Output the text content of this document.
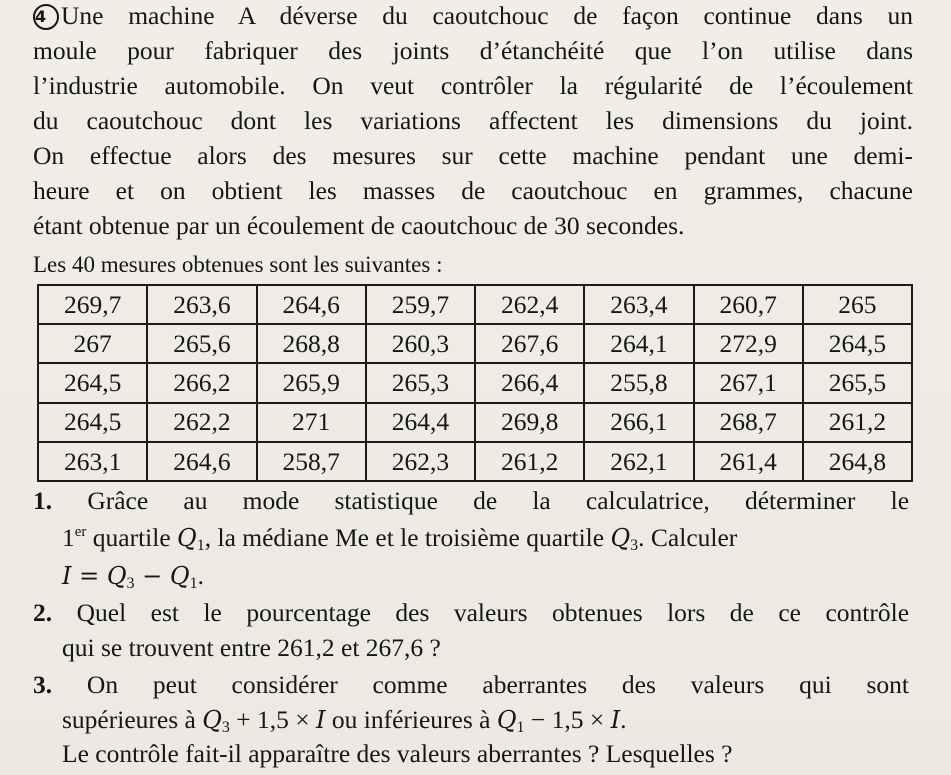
4 Une machine A déverse du caoutchouc de façon continue dans un
moule pour fabriquer des joints d’étanchéité que l’on utilise dans
l’industrie automobile. On veut contrôler la régularité de l’écoulement
du caoutchouc dont les variations affectent les dimensions du joint.
On effectue alors des mesures sur cette machine pendant une demi-
heure et on obtient les masses de caoutchouc en grammes, chacune
étant obtenue par un écoulement de caoutchouc de 30 secondes.
Les 40 mesures obtenues sont les suivantes :
269,7	263,6	264,6	259,7	262,4	263,4	260,7	265
267	265,6	268,8	260,3	267,6	264,1	272,9	264,5
264,5	266,2	265,9	265,3	266,4	255,8	267,1	265,5
264,5	262,2	271	264,4	269,8	266,1	268,7	261,2
263,1	264,6	258,7	262,3	261,2	262,1	261,4	264,8
1. Grâce au mode statistique de la calculatrice, déterminer le
1er quartile $Q_1$, la médiane Me et le troisième quartile $Q_3$. Calculer
$I = Q_3 - Q_1$.
2. Quel est le pourcentage des valeurs obtenues lors de ce contrôle
qui se trouvent entre 261,2 et 267,6 ?
3. On peut considérer comme aberrantes des valeurs qui sont
supérieures à $Q_3 + 1,5 \times I$ ou inférieures à $Q_1 - 1,5 \times I$.
Le contrôle fait-il apparaître des valeurs aberrantes ? Lesquelles ?
